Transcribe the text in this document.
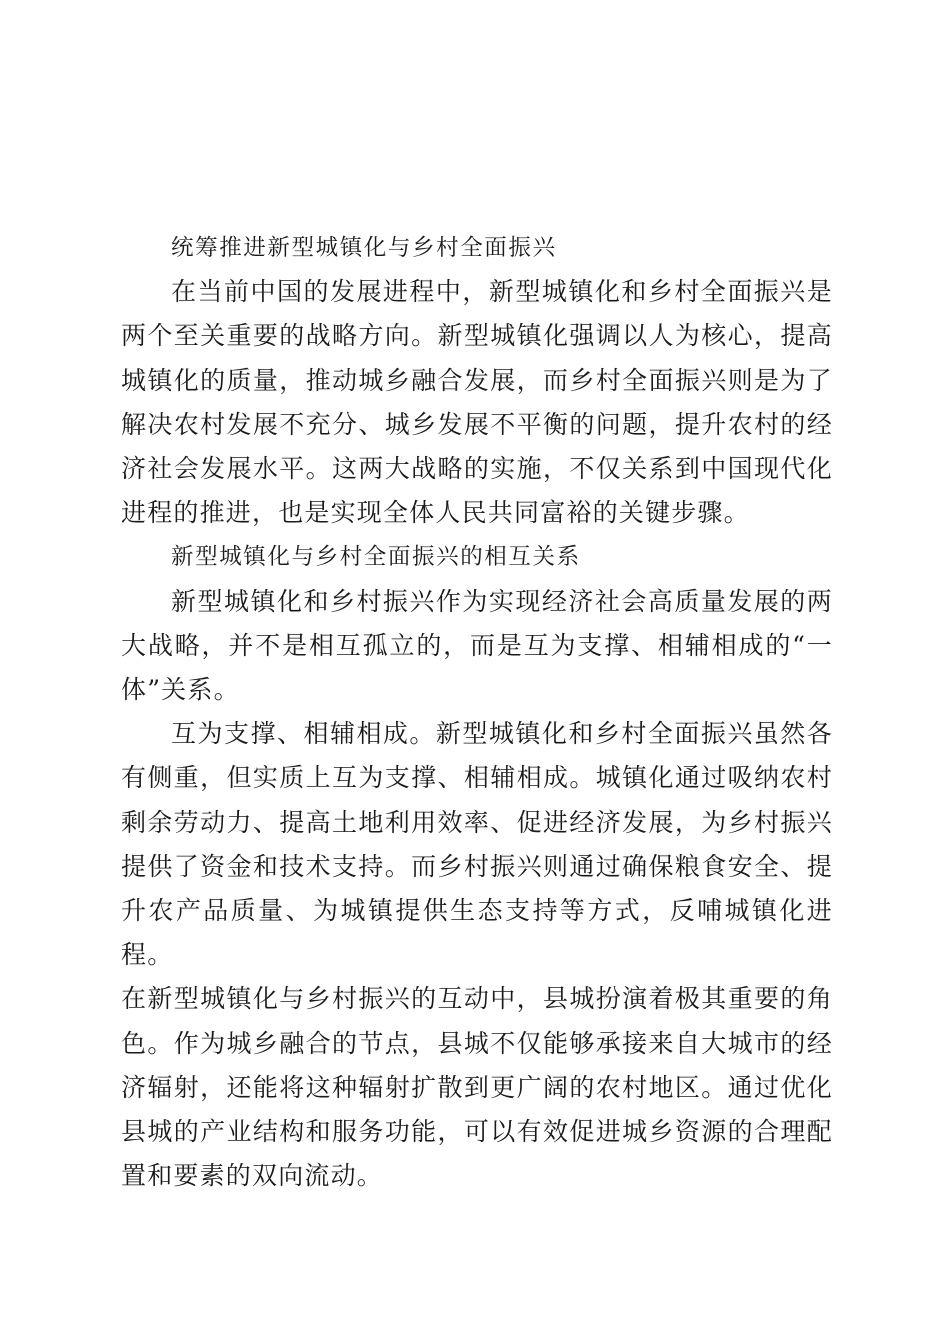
统筹推进新型城镇化与乡村全面振兴

在当前中国的发展进程中，新型城镇化和乡村全面振兴是两个至关重要的战略方向。新型城镇化强调以人为核心，提高城镇化的质量，推动城乡融合发展，而乡村全面振兴则是为了解决农村发展不充分、城乡发展不平衡的问题，提升农村的经济社会发展水平。这两大战略的实施，不仅关系到中国现代化进程的推进，也是实现全体人民共同富裕的关键步骤。

新型城镇化与乡村全面振兴的相互关系

新型城镇化和乡村振兴作为实现经济社会高质量发展的两大战略，并不是相互孤立的，而是互为支撑、相辅相成的“一体”关系。

互为支撑、相辅相成。新型城镇化和乡村全面振兴虽然各有侧重，但实质上互为支撑、相辅相成。城镇化通过吸纳农村剩余劳动力、提高土地利用效率、促进经济发展，为乡村振兴提供了资金和技术支持。而乡村振兴则通过确保粮食安全、提升农产品质量、为城镇提供生态支持等方式，反哺城镇化进程。

在新型城镇化与乡村振兴的互动中，县城扮演着极其重要的角色。作为城乡融合的节点，县城不仅能够承接来自大城市的经济辐射，还能将这种辐射扩散到更广阔的农村地区。通过优化县城的产业结构和服务功能，可以有效促进城乡资源的合理配置和要素的双向流动。
